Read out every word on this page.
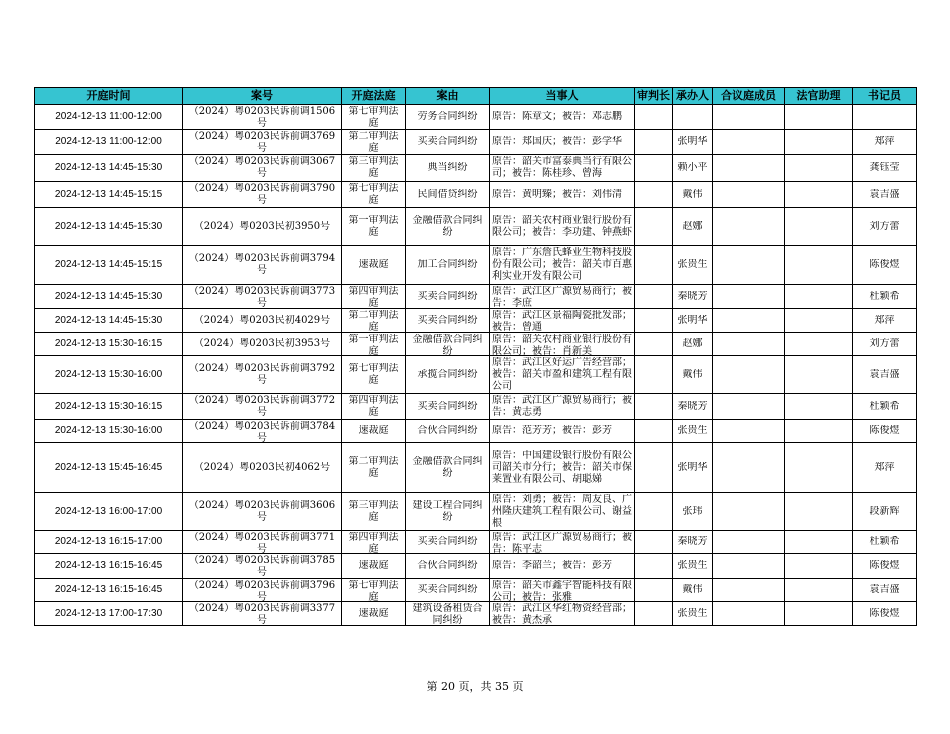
开庭时间	案号	开庭法庭	案由	当事人	审判长	承办人	合议庭成员	法官助理	书记员

2024-12-13 11:00-12:00	（2024）粤0203民诉前调1506号	第七审判法庭	劳务合同纠纷	原告：陈章文；被告：邓志鹏					

2024-12-13 11:00-12:00	（2024）粤0203民诉前调3769号	第二审判法庭	买卖合同纠纷	原告：郑国庆；被告：彭学华		张明华			郑萍

2024-12-13 14:45-15:30	（2024）粤0203民诉前调3067号	第三审判法庭	典当纠纷	原告：韶关市富泰典当行有限公司；被告：陈桂珍、曾海		赖小平			龚钰莹

2024-12-13 14:45-15:15	（2024）粤0203民诉前调3790号	第七审判法庭	民间借贷纠纷	原告：黄明臻；被告：刘伟清		戴伟			袁吉盛

2024-12-13 14:45-15:30	（2024）粤0203民初3950号	第一审判法庭	金融借款合同纠纷	原告：韶关农村商业银行股份有限公司；被告：李功建、钟燕虾		赵娜			刘方蕾

2024-12-13 14:45-15:15	（2024）粤0203民诉前调3794号	速裁庭	加工合同纠纷	原告：广东詹氏蜂业生物科技股份有限公司；被告：韶关市百惠利实业开发有限公司		张贵生			陈俊煜

2024-12-13 14:45-15:30	（2024）粤0203民诉前调3773号	第四审判法庭	买卖合同纠纷	原告：武江区广源贸易商行；被告：李庶		秦晓芳			杜颖希

2024-12-13 14:45-15:30	（2024）粤0203民初4029号	第二审判法庭	买卖合同纠纷	原告：武江区景福陶瓷批发部；被告：曾通		张明华			郑萍

2024-12-13 15:30-16:15	（2024）粤0203民初3953号	第一审判法庭	金融借款合同纠纷	原告：韶关农村商业银行股份有限公司；被告：肖新美		赵娜			刘方蕾

2024-12-13 15:30-16:00	（2024）粤0203民诉前调3792号	第七审判法庭	承揽合同纠纷	原告：武江区好运广告经营部；被告：韶关市盈和建筑工程有限公司		戴伟			袁吉盛

2024-12-13 15:30-16:15	（2024）粤0203民诉前调3772号	第四审判法庭	买卖合同纠纷	原告：武江区广源贸易商行；被告：黄志勇		秦晓芳			杜颖希

2024-12-13 15:30-16:00	（2024）粤0203民诉前调3784号	速裁庭	合伙合同纠纷	原告：范芳芳；被告：彭芳		张贵生			陈俊煜

2024-12-13 15:45-16:45	（2024）粤0203民初4062号	第二审判法庭	金融借款合同纠纷	原告：中国建设银行股份有限公司韶关市分行；被告：韶关市保莱置业有限公司、胡聪娣		张明华			郑萍

2024-12-13 16:00-17:00	（2024）粤0203民诉前调3606号	第三审判法庭	建设工程合同纠纷	原告：刘勇；被告：周友良、广州隆庆建筑工程有限公司、谢益根		张玮			段新辉

2024-12-13 16:15-17:00	（2024）粤0203民诉前调3771号	第四审判法庭	买卖合同纠纷	原告：武江区广源贸易商行；被告：陈平志		秦晓芳			杜颖希

2024-12-13 16:15-16:45	（2024）粤0203民诉前调3785号	速裁庭	合伙合同纠纷	原告：李韶兰；被告：彭芳		张贵生			陈俊煜

2024-12-13 16:15-16:45	（2024）粤0203民诉前调3796号	第七审判法庭	买卖合同纠纷	原告：韶关市鑫宇智能科技有限公司；被告：张雅		戴伟			袁吉盛

2024-12-13 17:00-17:30	（2024）粤0203民诉前调3377号	速裁庭	建筑设备租赁合同纠纷	原告：武江区华红物资经营部；被告：黄杰承		张贵生			陈俊煜
第 20 页，共 35 页
